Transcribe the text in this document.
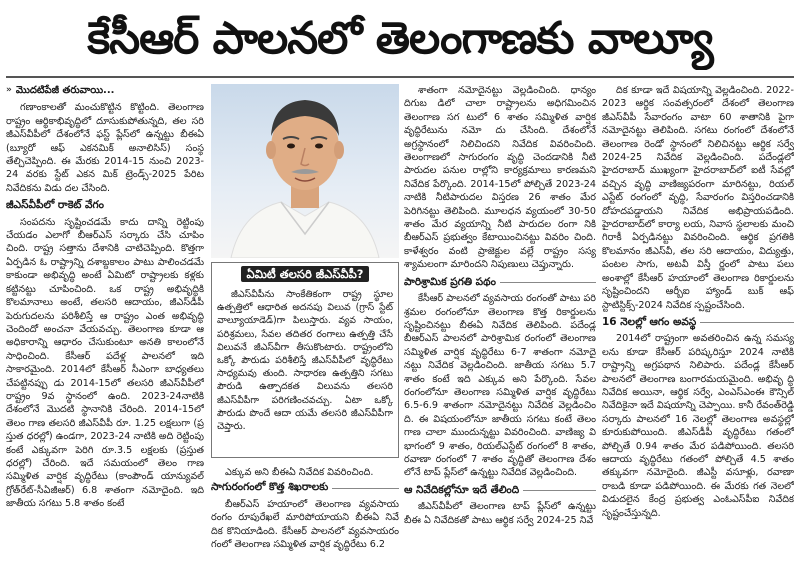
కేసీఆర్ పాలనలో తెలంగాణకు వాల్యూ
» మొదటిపేజీ తరువాయి...

గణాంకాలతో మంచుకొట్టిన కొట్టింది. తెలంగాణ రాష్ట్రం ఆర్థికాభివృద్ధిలో దూసుకుపోతున్నది, తల సరి జీఎస్‌వీపీలో దేశంలోనే ఫస్ట్ ప్లేస్‌లో ఉన్నట్టు బీఈఏ (బ్యూరో ఆఫ్ ఎకనమిక్ అనాలిసిస్) సంస్థ తేల్చిచెప్పింది. ఈ మేరకు 2014-15 నుంచి 2023-24 వరకు స్టేట్ ఎకన మిక్ ట్రెండ్స్-2025 పేరిట నివేదికను విడు దల చేసింది.

జీఎస్‌వీపీలో రాకెట్ వేగం

సంపదను సృష్టించడమే కాదు దాన్ని రెట్టింపు చేయడం ఎలాగో బీఆర్ఎస్ సర్కారు చేసి చూపిం చింది. రాష్ట్ర సత్తాను దేశానికి చాటిచెప్పింది. కొత్తగా ఏర్పడిన ఓ రాష్ట్రాన్ని దశాబ్దకాలం పాటు పాలించడమే కాకుండా అభివృద్ధి అంటే ఏమిటో రాష్ట్రాలకు కళ్లకు కట్టినట్టు చూపించింది. ఒక రాష్ట్ర అభివృద్ధికి కొలమానాలు అంటే, తలసరి ఆదాయం, జీఎస్‌డీపీ పెరుగుదలను పరిశీలిస్తే ఆ రాష్ట్రం ఎంత అభివృద్ధి చెందిందో అంచనా వేయవచ్చు. తెలంగాణ కూడా ఆ అధికారాన్ని ఆధారం చేసుకుంటూ అనతి కాలంలోనే సాధించింది. కేసీఆర్ పదేళ్ల పాలనలో ఇది సాకారమైంది. 2014లో కేసీఆర్ సీఎంగా బాధ్యతలు చేపట్టినప్పు డు 2014-15లో తలసరి జీఎస్‌వీపీలో రాష్ట్రం 9వ స్థానంలో ఉంది. 2023-24నాటికి దేశంలోనే మొదటి స్థానానికి చేరింది. 2014-15లో తెలం గాణ తలసరి జీఎస్‌వీపీ రూ. 1.25 లక్షలుగా (ప్ర స్తుత ధరల్లో) ఉండగా, 2023-24 నాటికి అది రెట్టింపు కంటే ఎక్కువగా పెరిగి రూ.3.5 లక్షలకు (ప్రస్తుత ధరల్లో) చేరింది. ఇదే సమయంలో తెలం గాణ సమ్మిళిత వార్షిక వృద్ధిరేటు (కాంపౌండ్ యాన్యువల్ గ్రోత్‌రేట్-సీఏజీఆర్) 6.8 శాతంగా నమోదైంది. ఇది జాతీయ సగటు 5.8 శాతం కంటే

ఏమిటీ తలసరి జీఎస్‌వీపీ?

జీఎస్‌వీపీను సాంకేతికంగా రాష్ట్ర స్థూల ఉత్పత్తిలో ఆధారిత అదనపు విలువ (గ్రాస్ స్టేట్ వాల్యూయాడెడ్)గా పిలుస్తారు. వ్యవ సాయం, పరిశ్రమలు, సేవల తదితర రంగాలు ఉత్పత్తి చేసే విలువనే జీఎస్‌వీగా తీసుకొంటారు. రాష్ట్రంలోని ఒక్కో పౌరుడు పరిశీలిస్తే జీఎస్‌వీపీలో వృద్ధిరేటు సాధ్యమవు తుంది. సాధారణ ఉత్పత్తిని సగటు పౌరుడి ఉత్పాదకత విలువను తలసరి జీఎస్‌వీపీగా పరిగణించవచ్చు. ఏటా ఒక్కో పౌరుడు పొందే ఆదా యమే తలసరి జీఎస్‌వీపీగా చెప్తారు.

ఎక్కువ అని బీఈఏ నివేదిక వివరించింది.

సాగురంగంలో కొత్త శిఖరాలకు

బీఆర్ఎస్ హయాంలో తెలంగాణ వ్యవసాయ రంగం రూపురేఖలే మారిపోయాయని బీఈఏ నివే దిక కొనియాడింది. కేసీఆర్ పాలనలో వ్యవసాయరం గంలో తెలంగాణ సమ్మిళిత వార్షిక వృద్ధిరేటు 6.2

శాతంగా నమోదైనట్టు వెల్లడించింది. ధాన్యం దిగుబ డిలో చాలా రాష్ట్రాలను అధిగమించిన తెలంగాణ సగ టులో 6 శాతం సమ్మిళిత వార్షిక వృద్ధిరేటును నమో దు చేసింది. దేశంలోనే అగ్రస్థానంలో నిలిచిందని నివేదిక వివరించింది. తెలంగాణలో సాగురంగం వృద్ధి చెందడానికి నీటి పారుదల పనుల రాల్లోని కార్యక్రమాలు కారణమని నివేదిక పేర్కొంది. 2014-15లో పోల్చితే 2023-24 నాటికి నీటిపారుదల విస్తరణ 26 శాతం మేర పెరిగినట్టు తెలిపింది. మూలధన వ్యయంలో 30-50 శాతం మేర వ్యయాన్ని నీటి పారుదల రంగా నికి బీఆర్ఎస్ ప్రభుత్వం కేటాయించినట్టు వివరిం చింది. కాళేశ్వరం వంటి ప్రాజెక్టుల వల్లే రాష్ట్రం సస్య శ్యామలంగా మారిందని నిపుణులు చెప్తున్నారు.

పారిశ్రామిక ప్రగతి పథం

కేసీఆర్ పాలనలో వ్యవసాయ రంగంతో పాటు పరి శ్రమల రంగంలోనూ తెలంగాణ కొత్త రికార్డులను సృష్టించినట్టు బీఈఏ నివేదిక తెలిపింది. పదేండ్ల బీఆర్ఎస్ పాలనలో పారిశ్రామిక రంగంలో తెలంగాణ సమ్మిళిత వార్షిక వృద్ధిరేటు 6-7 శాతంగా నమోదై నట్టు నివేదిక వెల్లడించింది. జాతీయ సగటు 5.7 శాతం కంటే ఇది ఎక్కువ అని పేర్కొంది. సేవల రంగంలోనూ తెలంగాణ సమ్మిళిత వార్షిక వృద్ధిరేటు 6.5-6.9 శాతంగా నమోదైనట్టు నివేదిక వెల్లడించిం ది. ఈ విషయంలోనూ జాతీయ సగటు కంటే తెలం గాణ చాలా ముందున్నట్టు వివరించింది. వాణిజ్య వి భాగంలో 9 శాతం, రియల్ఎస్టేట్ రంగంలో 8 శాతం, రవాణా రంగంలో 7 శాతం వృద్ధితో తెలంగాణ దేశం లోనే టాప్ ప్లేస్‌లో ఉన్నట్టు నివేదిక వెల్లడించింది.

ఆ నివేదికల్లోనూ ఇదే తేలింది

జీఎస్‌వీపీలో తెలంగాణ టాప్ ప్లేస్‌లో ఉన్నట్టు బీఈ ఏ నివేదికతో పాటు ఆర్థిక సర్వే 2024-25 నివే

దిక కూడా ఇదే విషయాన్ని వెల్లడించింది. 2022-2023 ఆర్థిక సంవత్సరంలో దేశంలో తెలంగాణ జీఎస్‌వీపీ సేవారంగం వాటా 60 శాతానికి పైగా నమోదైనట్టు తెలిపింది. సగటు రంగంలో దేశంలోనే తెలంగాణ రెండో స్థానంలో నిలిచినట్టు ఆర్థిక సర్వే 2024-25 నివేదిక వెల్లడించింది. పదేండ్లలో హైదరాబాద్ ముఖ్యంగా హైదరాబాద్‌లో ఐటీ సేవల్లో వచ్చిన వృద్ధి వాణిజ్యపరంగా మారినట్టు, రియల్ ఎస్టేట్ రంగంలో వృద్ధి, సేవారంగం విస్తరించడానికి దోహదపడ్డాయని నివేదిక అభిప్రాయపడింది. హైదరాబాద్‌లో కార్యా లయ, నివాస స్థలాలకు మంచి గిరాకీ ఏర్పడినట్టు వివరించింది. ఆర్థిక ప్రగతికి కొలమానం జీఎస్‌వీ, తల సరి ఆదాయం, విద్యుత్తు, పంటల సాగు, అటవీ విస్తీ ర్ణంలో పాటు పలు అంశాల్లో కేసీఆర్ హయాంలో తెలంగాణ రికార్డులను సృష్టించిందని ఆర్బీఐ హ్యాండ్ బుక్ ఆఫ్ స్టాటిస్టిక్స్-2024 నివేదిక స్పష్టంచేసింది.

16 నెలల్లో ఆగం అవస్థ

2014లో రాష్ట్రంగా అవతరించిన ఉన్న సమస్య లను కూడా కేసీఆర్ పరిష్కరిస్తూ 2024 నాటికి రాష్ట్రాన్ని అగ్రపథాన నిలిపారు. పదేండ్ల కేసీఆర్ పాలనలో తెలంగాణ బంగారమయమైంది. అభివృ ద్ధి నివేదిక అయినా, ఆర్థిక సర్వే, ఎంఎస్ఎంఈ కౌన్సిల్ నివేదికైనా ఇదే విషయాన్ని చెప్పాయి. కానీ రేవంత్‌రెడ్డి సర్కారు పాలనలో 16 నెలల్లో తెలంగాణ అవస్థల్లో కూరుకుపోయింది. జీఎస్‌డీపీ వృద్ధిరేటు గతంలో పోల్చితే 0.94 శాతం మేర పడిపోయింది. తలసరి ఆదాయ వృద్ధిరేటు గతంలో పోల్చితే 4.5 శాతం తక్కువగా నమోదైంది. జీఎస్టీ వసూళ్లు, రవాణా రాబడి కూడా పడిపోయింది. ఈ మేరకు గత నెలలో విడుదలైన కేంద్ర ప్రభుత్వ ఎంఓఎస్‌పీఐ నివేదిక సృష్టంచేస్తున్నది.
